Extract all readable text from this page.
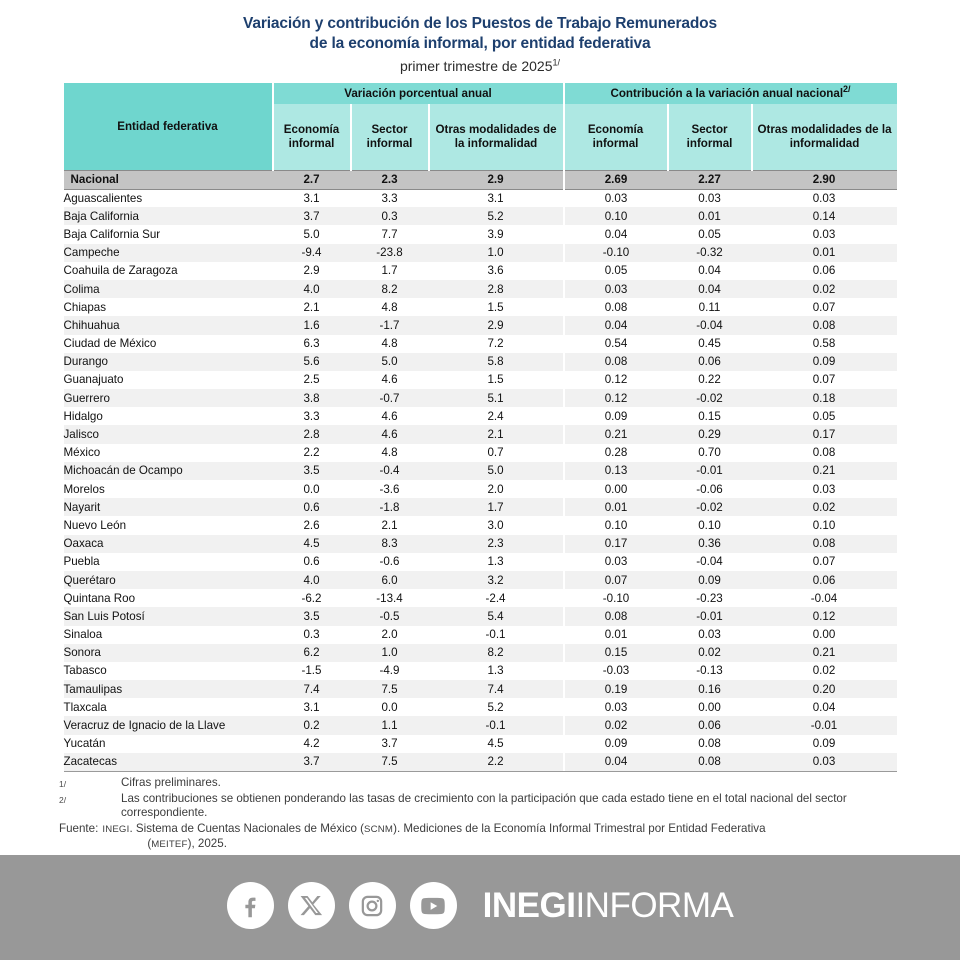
Variación y contribución de los Puestos de Trabajo Remunerados
de la economía informal, por entidad federativa
primer trimestre de $2025^{1/}$
Entidad federativa	Variación porcentual anual			Contribución a la variación anual nacional$^{2/}$
	Economía informal	Sector informal	Otras modalidades de la informalidad	Economía informal	Sector informal	Otras modalidades de la informalidad
Nacional	2.7	2.3	2.9	2.69	2.27	2.90
Aguascalientes	3.1	3.3	3.1	0.03	0.03	0.03
Baja California	3.7	0.3	5.2	0.10	0.01	0.14
Baja California Sur	5.0	7.7	3.9	0.04	0.05	0.03
Campeche	-9.4	-23.8	1.0	-0.10	-0.32	0.01
Coahuila de Zaragoza	2.9	1.7	3.6	0.05	0.04	0.06
Colima	4.0	8.2	2.8	0.03	0.04	0.02
Chiapas	2.1	4.8	1.5	0.08	0.11	0.07
Chihuahua	1.6	-1.7	2.9	0.04	-0.04	0.08
Ciudad de México	6.3	4.8	7.2	0.54	0.45	0.58
Durango	5.6	5.0	5.8	0.08	0.06	0.09
Guanajuato	2.5	4.6	1.5	0.12	0.22	0.07
Guerrero	3.8	-0.7	5.1	0.12	-0.02	0.18
Hidalgo	3.3	4.6	2.4	0.09	0.15	0.05
Jalisco	2.8	4.6	2.1	0.21	0.29	0.17
México	2.2	4.8	0.7	0.28	0.70	0.08
Michoacán de Ocampo	3.5	-0.4	5.0	0.13	-0.01	0.21
Morelos	0.0	-3.6	2.0	0.00	-0.06	0.03
Nayarit	0.6	-1.8	1.7	0.01	-0.02	0.02
Nuevo León	2.6	2.1	3.0	0.10	0.10	0.10
Oaxaca	4.5	8.3	2.3	0.17	0.36	0.08
Puebla	0.6	-0.6	1.3	0.03	-0.04	0.07
Querétaro	4.0	6.0	3.2	0.07	0.09	0.06
Quintana Roo	-6.2	-13.4	-2.4	-0.10	-0.23	-0.04
San Luis Potosí	3.5	-0.5	5.4	0.08	-0.01	0.12
Sinaloa	0.3	2.0	-0.1	0.01	0.03	0.00
Sonora	6.2	1.0	8.2	0.15	0.02	0.21
Tabasco	-1.5	-4.9	1.3	-0.03	-0.13	0.02
Tamaulipas	7.4	7.5	7.4	0.19	0.16	0.20
Tlaxcala	3.1	0.0	5.2	0.03	0.00	0.04
Veracruz de Ignacio de la Llave	0.2	1.1	-0.1	0.02	0.06	-0.01
Yucatán	4.2	3.7	4.5	0.09	0.08	0.09
Zacatecas	3.7	7.5	2.2	0.04	0.08	0.03
1/	Cifras preliminares.
2/	Las contribuciones se obtienen ponderando las tasas de crecimiento con la participación que cada estado tiene en el total nacional del sector correspondiente.
Fuente: INEGI. Sistema de Cuentas Nacionales de México (SCNM). Mediciones de la Economía Informal Trimestral por Entidad Federativa
(MEITEF), 2025.
INEGIINFORMA
